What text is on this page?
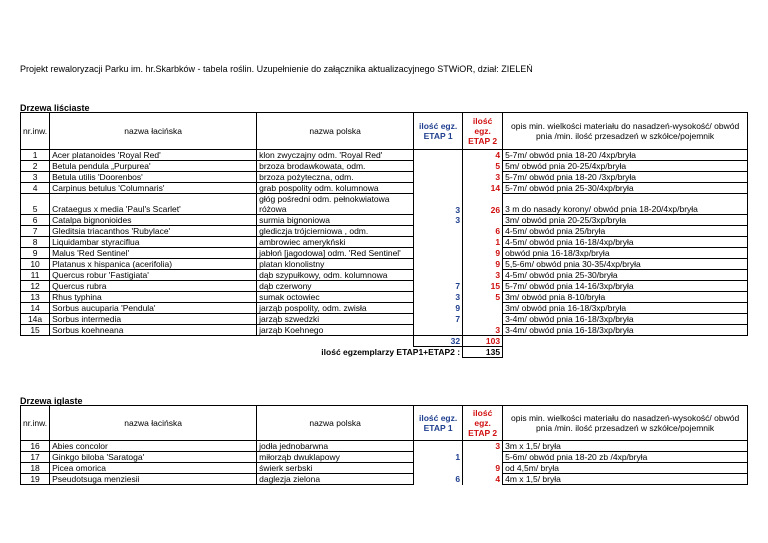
Projekt rewaloryzacji Parku im. hr.Skarbków - tabela roślin. Uzupełnienie do załącznika aktualizacyjnego STWiOR, dział: ZIELEŃ
Drzewa liściaste
nr.inw.	nazwa łacińska	nazwa polska	ilość egz. ETAP 1	ilość egz. ETAP 2	opis min. wielkości materiału do nasadzeń-wysokość/ obwód pnia /min. ilość przesadzeń w szkółce/pojemnik
1	Acer platanoides 'Royal Red'	klon zwyczajny odm. 'Royal Red'		4	5-7m/ obwód pnia 18-20 /4xp/bryła
2	Betula pendula „Purpurea'	brzoza brodawkowata, odm.		5	5m/ obwód pnia 20-25/4xp/bryła
3	Betula utilis 'Doorenbos'	brzoza pożyteczna, odm.		3	5-7m/ obwód pnia 18-20 /3xp/bryła
4	Carpinus betulus 'Columnaris'	grab pospolity odm. kolumnowa		14	5-7m/ obwód pnia 25-30/4xp/bryła
5	Crataegus x media 'Paul's Scarlet'	głóg pośredni odm. pełnokwiatowa różowa	3	26	3 m do nasady korony/ obwód pnia 18-20/4xp/bryła
6	Catalpa bignonioides	surmia bignoniowa	3		3m/ obwód pnia 20-25/3xp/bryła
7	Gleditsia triacanthos 'Rubylace'	glediczja trójcierniowa , odm.		6	4-5m/ obwód pnia 25/bryła
8	Liquidambar styraciflua	ambrowiec amerykński		1	4-5m/ obwód pnia 16-18/4xp/bryła
9	Malus 'Red Sentinel'	jabłoń [jagodowa] odm. 'Red Sentinel'		9	obwód pnia 16-18/3xp/bryła
10	Platanus x hispanica (acerifolia)	platan klonolistny		9	5,5-6m/ obwód pnia 30-35/4xp/bryła
11	Quercus robur 'Fastigiata'	dąb szypułkowy, odm. kolumnowa		3	4-5m/ obwód pnia 25-30/bryła
12	Quercus rubra	dąb czerwony	7	15	5-7m/ obwód pnia 14-16/3xp/bryła
13	Rhus typhina	sumak octowiec	3	5	3m/ obwód pnia 8-10/bryła
14	Sorbus aucuparia 'Pendula'	jarząb pospolity, odm. zwisła	9		3m/ obwód pnia 16-18/3xp/bryła
14a	Sorbus intermedia	jarząb szwedzki	7		3-4m/ obwód pnia 16-18/3xp/bryła
15	Sorbus koehneana	jarząb Koehnego		3	3-4m/ obwód pnia 16-18/3xp/bryła
			32	103	
ilość egzemplarzy ETAP1+ETAP2 :				135	
Drzewa iglaste
nr.inw.	nazwa łacińska	nazwa polska	ilość egz. ETAP 1	ilość egz. ETAP 2	opis min. wielkości materiału do nasadzeń-wysokość/ obwód pnia /min. ilość przesadzeń w szkółce/pojemnik
16	Abies concolor	jodła jednobarwna		3	3m x 1,5/ bryła
17	Ginkgo biloba 'Saratoga'	miłorząb dwuklapowy	1		5-6m/ obwód pnia 18-20 zb /4xp/bryła
18	Picea omorica	świerk serbski		9	od 4,5m/ bryła
19	Pseudotsuga menziesii	daglezja zielona	6	4	4m x 1,5/ bryła
